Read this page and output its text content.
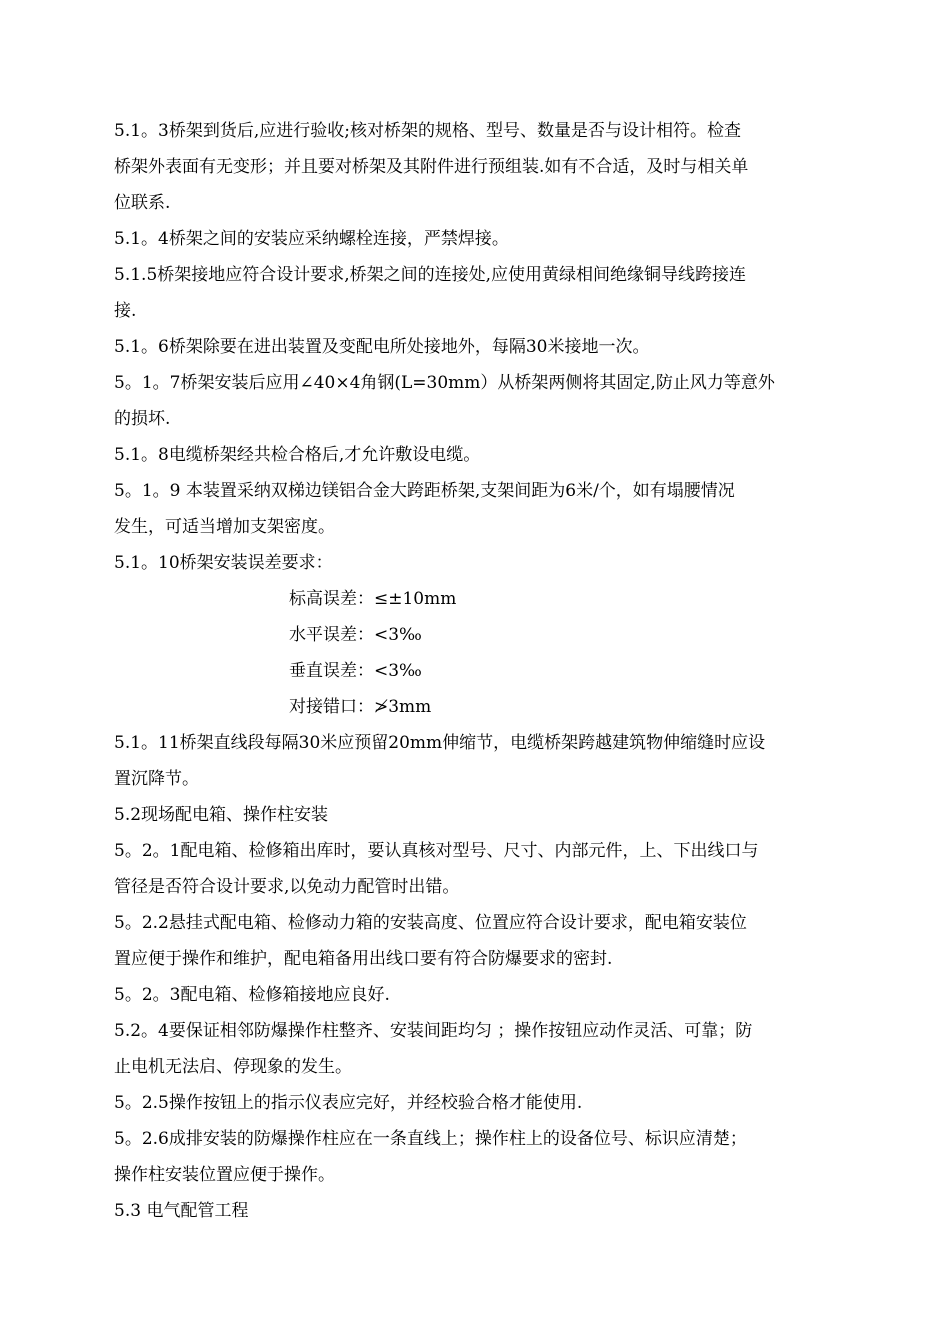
5.1。3桥架到货后,应进行验收;核对桥架的规格、型号、数量是否与设计相符。检查
桥架外表面有无变形；并且要对桥架及其附件进行预组装.如有不合适，及时与相关单
位联系.
5.1。4桥架之间的安装应采纳螺栓连接，严禁焊接。
5.1.5桥架接地应符合设计要求,桥架之间的连接处,应使用黄绿相间绝缘铜导线跨接连
接.
5.1。6桥架除要在进出装置及变配电所处接地外，每隔30米接地一次。
5。1。7桥架安装后应用∠40×4角钢(L=30mm）从桥架两侧将其固定,防止风力等意外
的损坏.
5.1。8电缆桥架经共检合格后,才允许敷设电缆。
5。1。9 本装置采纳双梯边镁铝合金大跨距桥架,支架间距为6米/个，如有塌腰情况
发生，可适当增加支架密度。
5.1。10桥架安装误差要求：
标高误差：≤±10mm
水平误差：<3‰
垂直误差：<3‰
对接错口：≯3mm
5.1。11桥架直线段每隔30米应预留20mm伸缩节，电缆桥架跨越建筑物伸缩缝时应设
置沉降节。
5.2现场配电箱、操作柱安装
5。2。1配电箱、检修箱出库时，要认真核对型号、尺寸、内部元件，上、下出线口与
管径是否符合设计要求,以免动力配管时出错。
5。2.2悬挂式配电箱、检修动力箱的安装高度、位置应符合设计要求，配电箱安装位
置应便于操作和维护，配电箱备用出线口要有符合防爆要求的密封.
5。2。3配电箱、检修箱接地应良好.
5.2。4要保证相邻防爆操作柱整齐、安装间距均匀 ；操作按钮应动作灵活、可靠；防
止电机无法启、停现象的发生。
5。2.5操作按钮上的指示仪表应完好，并经校验合格才能使用.
5。2.6成排安装的防爆操作柱应在一条直线上；操作柱上的设备位号、标识应清楚；
操作柱安装位置应便于操作。
5.3 电气配管工程
